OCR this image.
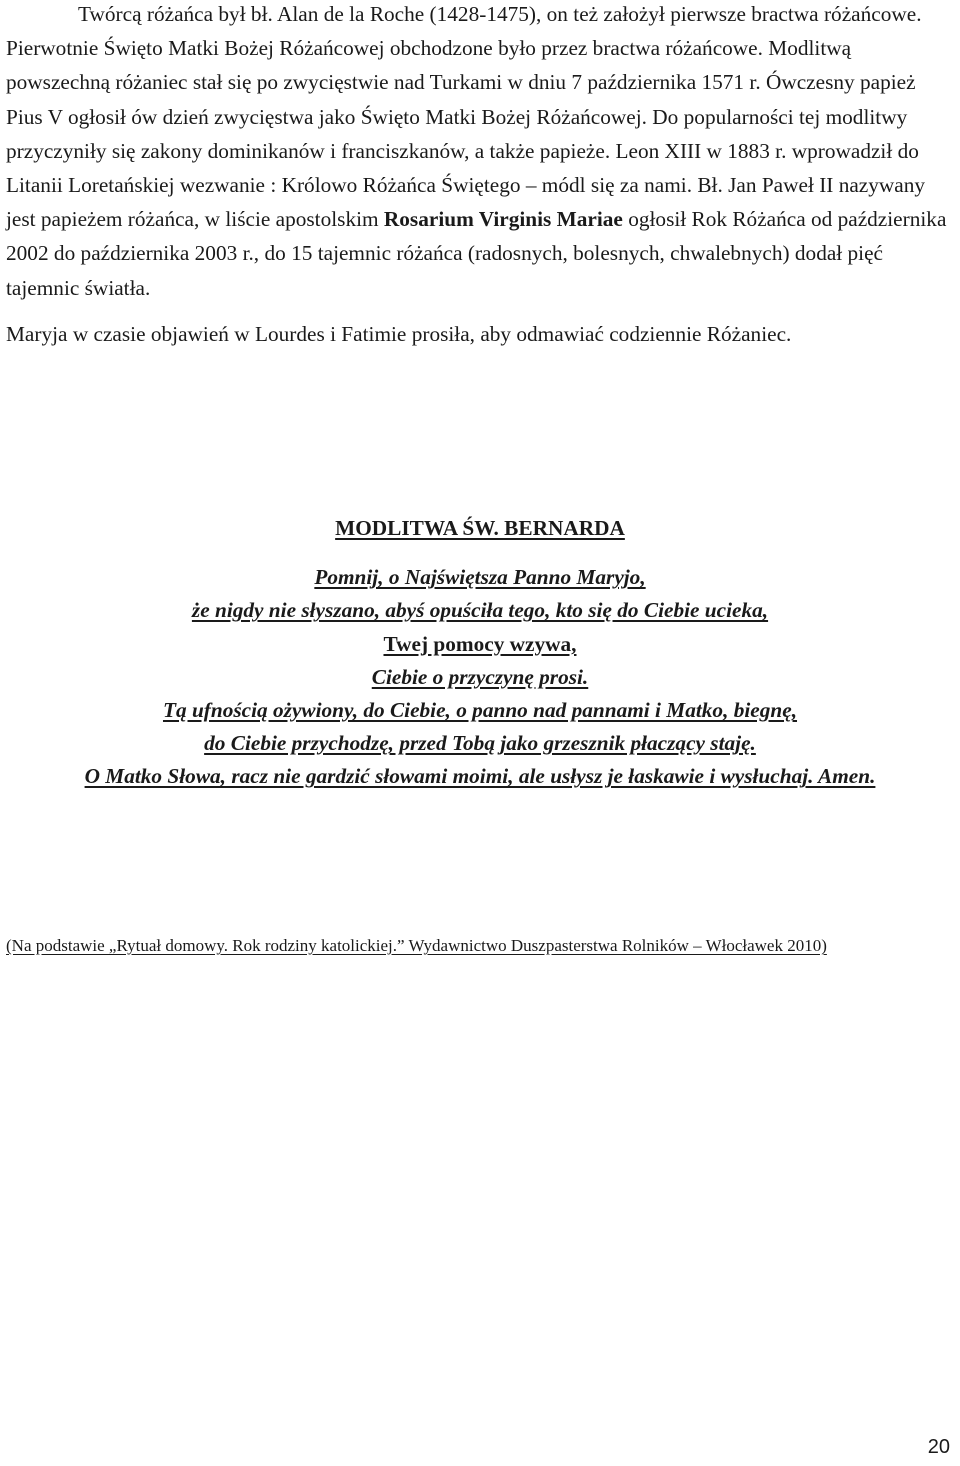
Twórcą różańca był bł. Alan de la Roche (1428-1475), on też założył pierwsze bractwa różańcowe. Pierwotnie Święto Matki Bożej Różańcowej obchodzone było przez bractwa różańcowe. Modlitwą powszechną różaniec stał się po zwycięstwie nad Turkami w dniu 7 października 1571 r. Ówczesny papież Pius V ogłosił ów dzień zwycięstwa jako Święto Matki Bożej Różańcowej. Do popularności tej modlitwy przyczyniły się zakony dominikanów i franciszkanów, a także papieże. Leon XIII w 1883 r. wprowadził do Litanii Loretańskiej wezwanie : Królowo Różańca Świętego – módl się za nami. Bł. Jan Paweł II nazywany jest papieżem różańca, w liście apostolskim Rosarium Virginis Mariae ogłosił Rok Różańca od października 2002 do października 2003 r., do 15 tajemnic różańca (radosnych, bolesnych, chwalebnych) dodał pięć tajemnic światła.

Maryja w czasie objawień w Lourdes i Fatimie prosiła, aby odmawiać codziennie Różaniec.

MODLITWA ŚW. BERNARDA
Pomnij, o Najświętsza Panno Maryjo,
że nigdy nie słyszano, abyś opuściła tego, kto się do Ciebie ucieka,
Twej pomocy wzywa,
Ciebie o przyczynę prosi.
Tą ufnością ożywiony, do Ciebie, o panno nad pannami i Matko, biegnę,
do Ciebie przychodzę, przed Tobą jako grzesznik płaczący staję.
O Matko Słowa, racz nie gardzić słowami moimi, ale usłysz je łaskawie i wysłuchaj. Amen.
(Na podstawie „Rytuał domowy. Rok rodziny katolickiej.” Wydawnictwo Duszpasterstwa Rolników – Włocławek 2010)
20
